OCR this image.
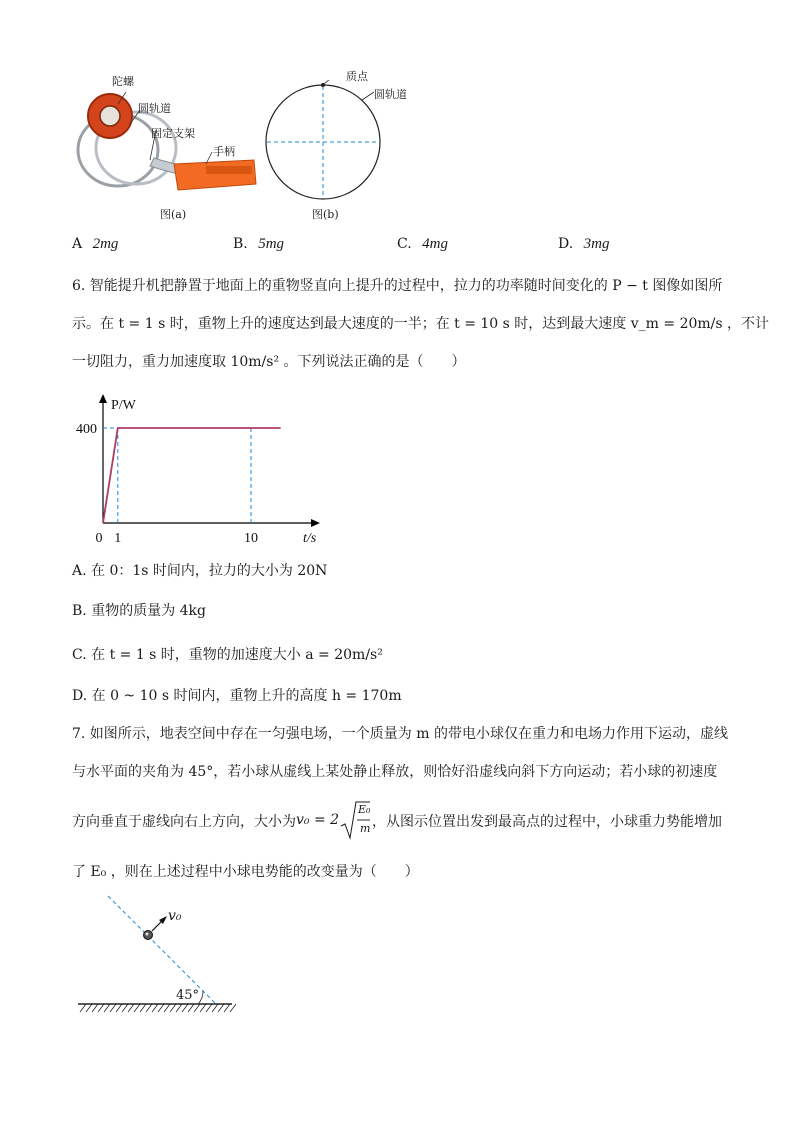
陀螺
圆轨道
固定支架
手柄
图(a)
质点
圆轨道
图(b)
A 2mg	B. 5mg	C. 4mg	D. 3mg
6. 智能提升机把静置于地面上的重物竖直向上提升的过程中，拉力的功率随时间变化的 P − t 图像如图所
示。在 t = 1 s 时，重物上升的速度达到最大速度的一半；在 t = 10 s 时，达到最大速度 v_m = 20m/s ，不计
一切阻力，重力加速度取 10m/s² 。下列说法正确的是（　　）
0 1	10
400
P/W
t/s
A. 在 0：1s 时间内，拉力的大小为 20N
B. 重物的质量为 4kg
C. 在 t = 1 s 时，重物的加速度大小 a = 20m/s²
D. 在 0 ~ 10 s 时间内，重物上升的高度 h = 170m
7. 如图所示，地表空间中存在一匀强电场，一个质量为 m 的带电小球仅在重力和电场力作用下运动，虚线
与水平面的夹角为 45°，若小球从虚线上某处静止释放，则恰好沿虚线向斜下方向运动；若小球的初速度
方向垂直于虚线向右上方向，大小为 v₀ = 2
E₀
m ，从图示位置出发到最高点的过程中，小球重力势能增加
了 E₀ ，则在上述过程中小球电势能的改变量为（　　）
v₀
45°
